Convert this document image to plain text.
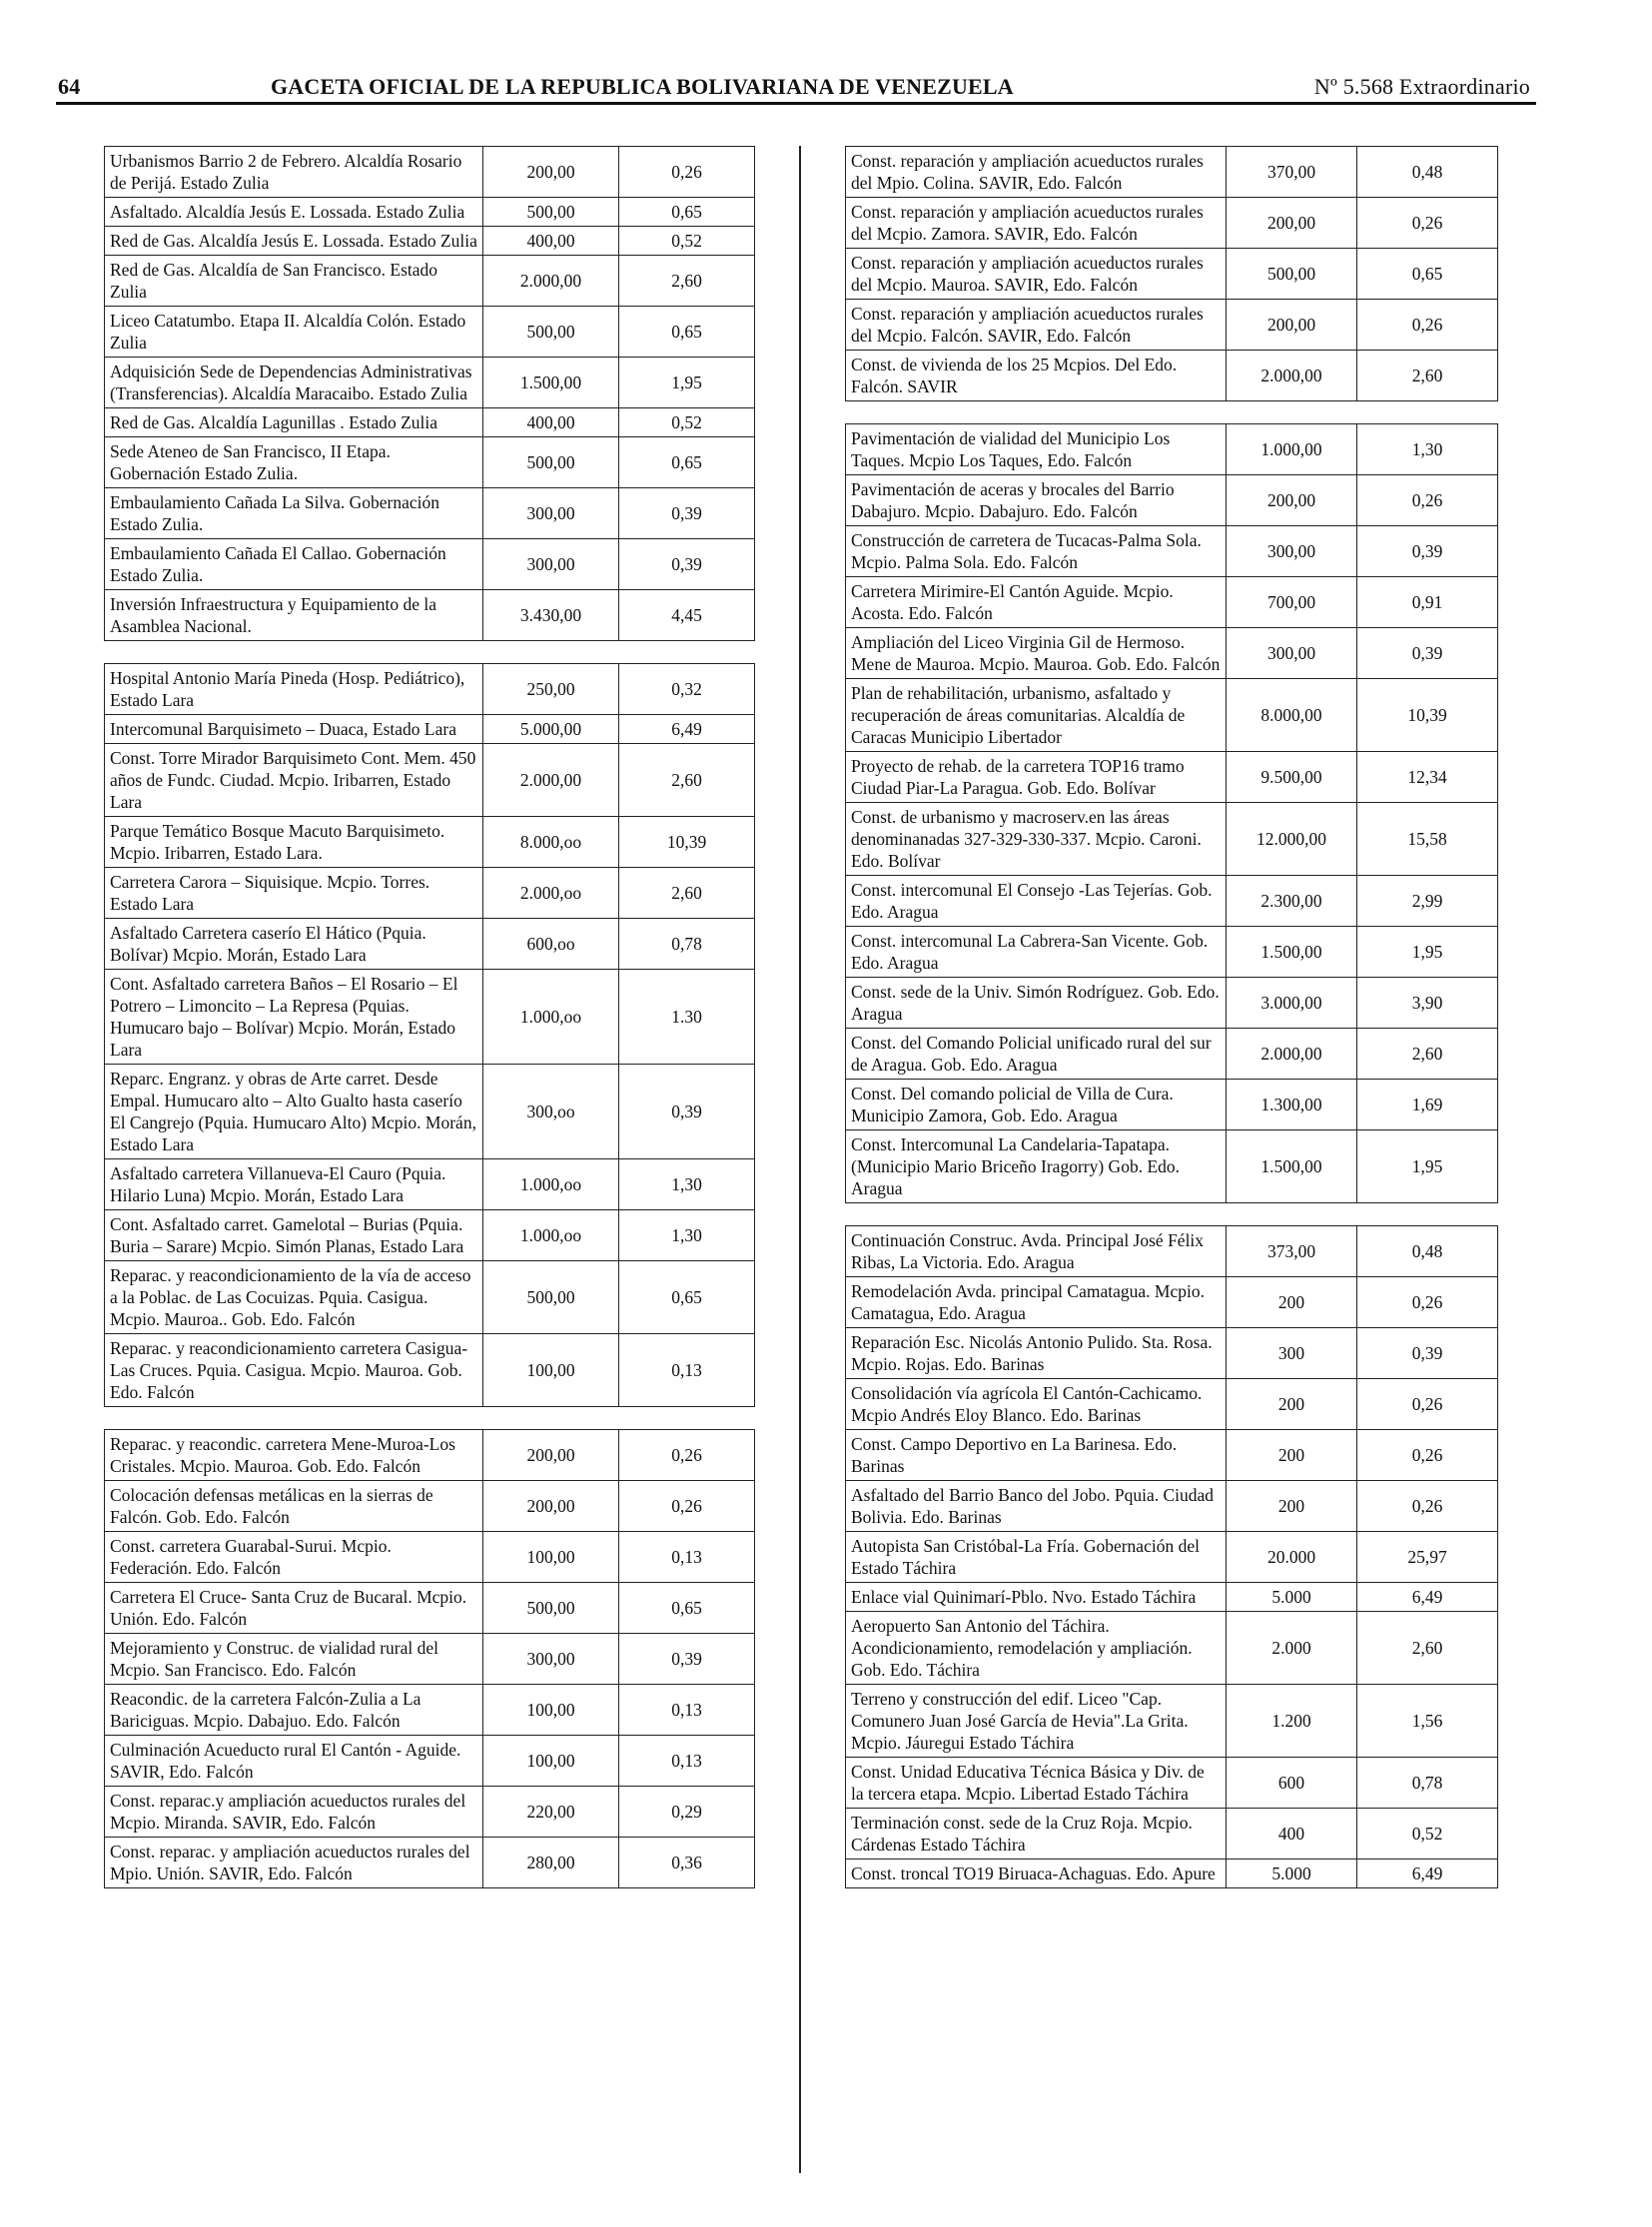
64	GACETA OFICIAL DE LA REPUBLICA BOLIVARIANA DE VENEZUELA	Nº 5.568 Extraordinario
Urbanismos Barrio 2 de Febrero. Alcaldía Rosario de Perijá. Estado Zulia	200,00	0,26
Asfaltado. Alcaldía Jesús E. Lossada. Estado Zulia	500,00	0,65
Red de Gas. Alcaldía Jesús E. Lossada. Estado Zulia	400,00	0,52
Red de Gas. Alcaldía de San Francisco. Estado Zulia	2.000,00	2,60
Liceo Catatumbo. Etapa II. Alcaldía Colón. Estado Zulia	500,00	0,65
Adquisición Sede de Dependencias Administrativas (Transferencias). Alcaldía Maracaibo. Estado Zulia	1.500,00	1,95
Red de Gas. Alcaldía Lagunillas . Estado Zulia	400,00	0,52
Sede Ateneo de San Francisco, II Etapa. Gobernación Estado Zulia.	500,00	0,65
Embaulamiento Cañada La Silva. Gobernación Estado Zulia.	300,00	0,39
Embaulamiento Cañada El Callao. Gobernación Estado Zulia.	300,00	0,39
Inversión Infraestructura y Equipamiento de la Asamblea Nacional.	3.430,00	4,45
Hospital Antonio María Pineda (Hosp. Pediátrico), Estado Lara	250,00	0,32
Intercomunal Barquisimeto – Duaca, Estado Lara	5.000,00	6,49
Const. Torre Mirador Barquisimeto Cont. Mem. 450 años de Fundc. Ciudad. Mcpio. Iribarren, Estado Lara	2.000,00	2,60
Parque Temático Bosque Macuto Barquisimeto. Mcpio. Iribarren, Estado Lara.	8.000,oo	10,39
Carretera Carora – Siquisique. Mcpio. Torres. Estado Lara	2.000,oo	2,60
Asfaltado Carretera caserío El Hático (Pquia. Bolívar) Mcpio. Morán, Estado Lara	600,oo	0,78
Cont. Asfaltado carretera Baños – El Rosario – El Potrero – Limoncito – La Represa (Pquias. Humucaro bajo – Bolívar) Mcpio. Morán, Estado Lara	1.000,oo	1.30
Reparc. Engranz. y obras de Arte carret. Desde Empal. Humucaro alto – Alto Gualto hasta caserío El Cangrejo (Pquia. Humucaro Alto) Mcpio. Morán, Estado Lara	300,oo	0,39
Asfaltado carretera Villanueva-El Cauro (Pquia. Hilario Luna) Mcpio. Morán, Estado Lara	1.000,oo	1,30
Cont. Asfaltado carret. Gamelotal – Burias (Pquia. Buria – Sarare) Mcpio. Simón Planas, Estado Lara	1.000,oo	1,30
Reparac. y reacondicionamiento de la vía de acceso a la Poblac. de Las Cocuizas. Pquia. Casigua. Mcpio. Mauroa.. Gob. Edo. Falcón	500,00	0,65
Reparac. y reacondicionamiento carretera Casigua-Las Cruces. Pquia. Casigua. Mcpio. Mauroa. Gob. Edo. Falcón	100,00	0,13
Reparac. y reacondic. carretera Mene-Muroa-Los Cristales. Mcpio. Mauroa. Gob. Edo. Falcón	200,00	0,26
Colocación defensas metálicas en la sierras de Falcón. Gob. Edo. Falcón	200,00	0,26
Const. carretera Guarabal-Surui. Mcpio. Federación. Edo. Falcón	100,00	0,13
Carretera El Cruce- Santa Cruz de Bucaral. Mcpio. Unión. Edo. Falcón	500,00	0,65
Mejoramiento y Construc. de vialidad rural del Mcpio. San Francisco. Edo. Falcón	300,00	0,39
Reacondic. de la carretera Falcón-Zulia a La Bariciguas. Mcpio. Dabajuo. Edo. Falcón	100,00	0,13
Culminación Acueducto rural El Cantón - Aguide. SAVIR, Edo. Falcón	100,00	0,13
Const. reparac.y ampliación acueductos rurales del Mcpio. Miranda. SAVIR, Edo. Falcón	220,00	0,29
Const. reparac. y ampliación acueductos rurales del Mpio. Unión. SAVIR, Edo. Falcón	280,00	0,36
Const. reparación y ampliación acueductos rurales del Mpio. Colina. SAVIR, Edo. Falcón	370,00	0,48
Const. reparación y ampliación acueductos rurales del Mcpio. Zamora. SAVIR, Edo. Falcón	200,00	0,26
Const. reparación y ampliación acueductos rurales del Mcpio. Mauroa. SAVIR, Edo. Falcón	500,00	0,65
Const. reparación y ampliación acueductos rurales del Mcpio. Falcón. SAVIR, Edo. Falcón	200,00	0,26
Const. de vivienda de los 25 Mcpios. Del Edo. Falcón. SAVIR	2.000,00	2,60
Pavimentación de vialidad del Municipio Los Taques. Mcpio Los Taques, Edo. Falcón	1.000,00	1,30
Pavimentación de aceras y brocales del Barrio Dabajuro. Mcpio. Dabajuro. Edo. Falcón	200,00	0,26
Construcción de carretera de Tucacas-Palma Sola. Mcpio. Palma Sola. Edo. Falcón	300,00	0,39
Carretera Mirimire-El Cantón Aguide. Mcpio. Acosta. Edo. Falcón	700,00	0,91
Ampliación del Liceo Virginia Gil de Hermoso. Mene de Mauroa. Mcpio. Mauroa. Gob. Edo. Falcón	300,00	0,39
Plan de rehabilitación, urbanismo, asfaltado y recuperación de áreas comunitarias. Alcaldía de Caracas Municipio Libertador	8.000,00	10,39
Proyecto de rehab. de la carretera TOP16 tramo Ciudad Piar-La Paragua. Gob. Edo. Bolívar	9.500,00	12,34
Const. de urbanismo y macroserv.en las áreas denominanadas 327-329-330-337. Mcpio. Caroni. Edo. Bolívar	12.000,00	15,58
Const. intercomunal El Consejo -Las Tejerías. Gob. Edo. Aragua	2.300,00	2,99
Const. intercomunal La Cabrera-San Vicente. Gob. Edo. Aragua	1.500,00	1,95
Const. sede de la Univ. Simón Rodríguez. Gob. Edo. Aragua	3.000,00	3,90
Const. del Comando Policial unificado rural del sur de Aragua. Gob. Edo. Aragua	2.000,00	2,60
Const. Del comando policial de Villa de Cura. Municipio Zamora, Gob. Edo. Aragua	1.300,00	1,69
Const. Intercomunal La Candelaria-Tapatapa.(Municipio Mario Briceño Iragorry) Gob. Edo. Aragua	1.500,00	1,95
Continuación Construc. Avda. Principal José Félix Ribas, La Victoria. Edo. Aragua	373,00	0,48
Remodelación Avda. principal Camatagua. Mcpio. Camatagua, Edo. Aragua	200	0,26
Reparación Esc. Nicolás Antonio Pulido. Sta. Rosa. Mcpio. Rojas. Edo. Barinas	300	0,39
Consolidación vía agrícola El Cantón-Cachicamo. Mcpio Andrés Eloy Blanco. Edo. Barinas	200	0,26
Const. Campo Deportivo en La Barinesa. Edo. Barinas	200	0,26
Asfaltado del Barrio Banco del Jobo. Pquia. Ciudad Bolivia. Edo. Barinas	200	0,26
Autopista San Cristóbal-La Fría. Gobernación del Estado Táchira	20.000	25,97
Enlace vial Quinimarí-Pblo. Nvo. Estado Táchira	5.000	6,49
Aeropuerto San Antonio del Táchira. Acondicionamiento, remodelación y ampliación. Gob. Edo. Táchira	2.000	2,60
Terreno y construcción del edif. Liceo "Cap. Comunero Juan José García de Hevia".La Grita. Mcpio. Jáuregui Estado Táchira	1.200	1,56
Const. Unidad Educativa Técnica Básica y Div. de la tercera etapa. Mcpio. Libertad Estado Táchira	600	0,78
Terminación const. sede de la Cruz Roja. Mcpio. Cárdenas Estado Táchira	400	0,52
Const. troncal TO19 Biruaca-Achaguas. Edo. Apure	5.000	6,49
